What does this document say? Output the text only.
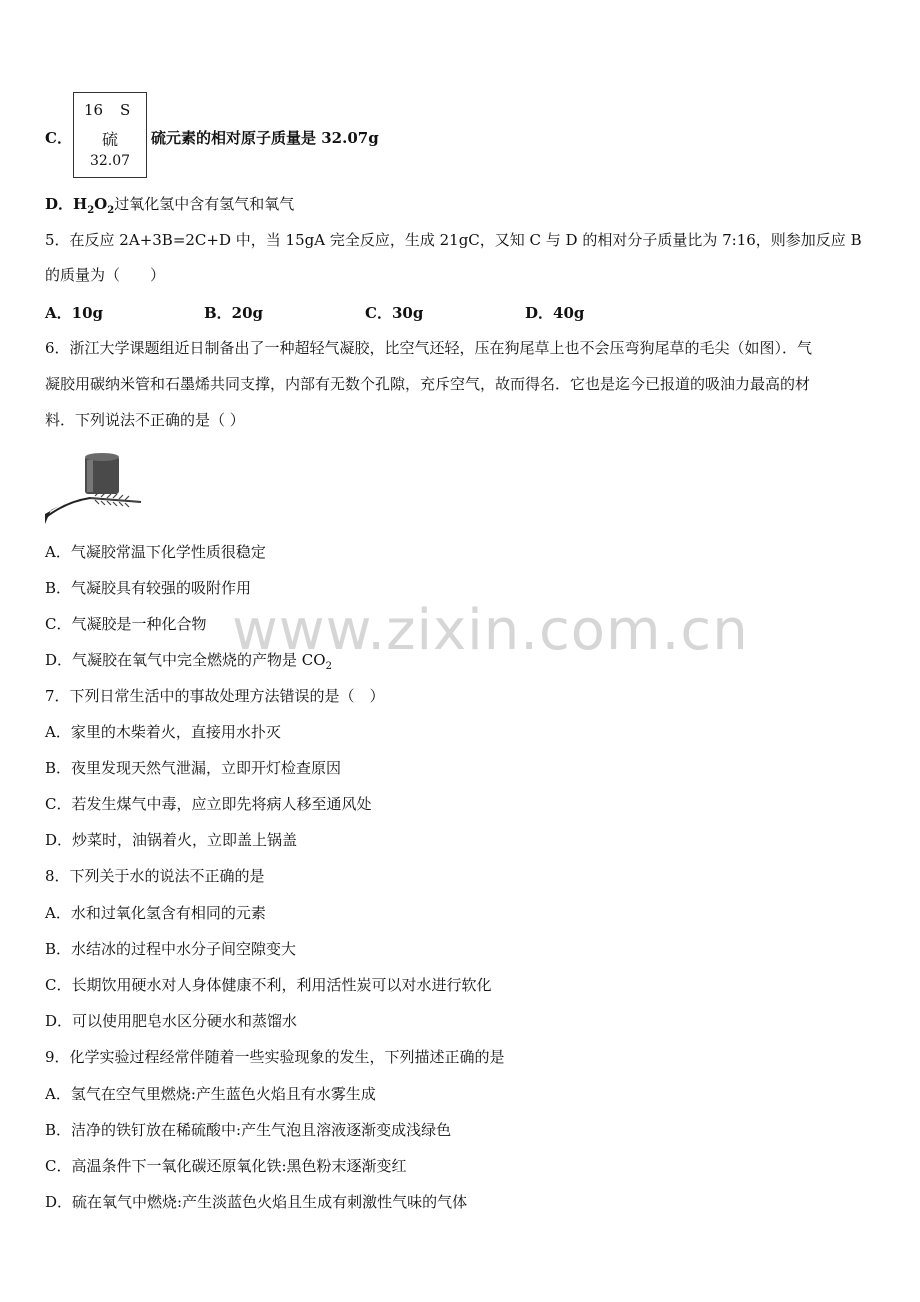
C．
16 S
硫
32.07
硫元素的相对原子质量是 32.07g
D．$H_2O_2$过氧化氢中含有氢气和氧气
5．在反应 2A+3B=2C+D 中，当 15gA 完全反应，生成 21gC，又知 C 与 D 的相对分子质量比为 7:16，则参加反应 B
的质量为（　　）
A．10g	B．20g	C．30g	D．40g
6．浙江大学课题组近日制备出了一种超轻气凝胶，比空气还轻，压在狗尾草上也不会压弯狗尾草的毛尖（如图）．气
凝胶用碳纳米管和石墨烯共同支撑，内部有无数个孔隙，充斥空气，故而得名．它也是迄今已报道的吸油力最高的材
料．下列说法不正确的是（ ）
A．气凝胶常温下化学性质很稳定
B．气凝胶具有较强的吸附作用
C．气凝胶是一种化合物
D．气凝胶在氧气中完全燃烧的产物是 $CO_2$
7．下列日常生活中的事故处理方法错误的是（　）
A．家里的木柴着火，直接用水扑灭
B．夜里发现天然气泄漏，立即开灯检查原因
C．若发生煤气中毒，应立即先将病人移至通风处
D．炒菜时，油锅着火，立即盖上锅盖
8．下列关于水的说法不正确的是
A．水和过氧化氢含有相同的元素
B．水结冰的过程中水分子间空隙变大
C．长期饮用硬水对人身体健康不利，利用活性炭可以对水进行软化
D．可以使用肥皂水区分硬水和蒸馏水
9．化学实验过程经常伴随着一些实验现象的发生，下列描述正确的是
A．氢气在空气里燃烧:产生蓝色火焰且有水雾生成
B．洁净的铁钉放在稀硫酸中:产生气泡且溶液逐渐变成浅绿色
C．高温条件下一氧化碳还原氧化铁:黑色粉末逐渐变红
D．硫在氧气中燃烧:产生淡蓝色火焰且生成有刺激性气味的气体
www.zixin.com.cn
